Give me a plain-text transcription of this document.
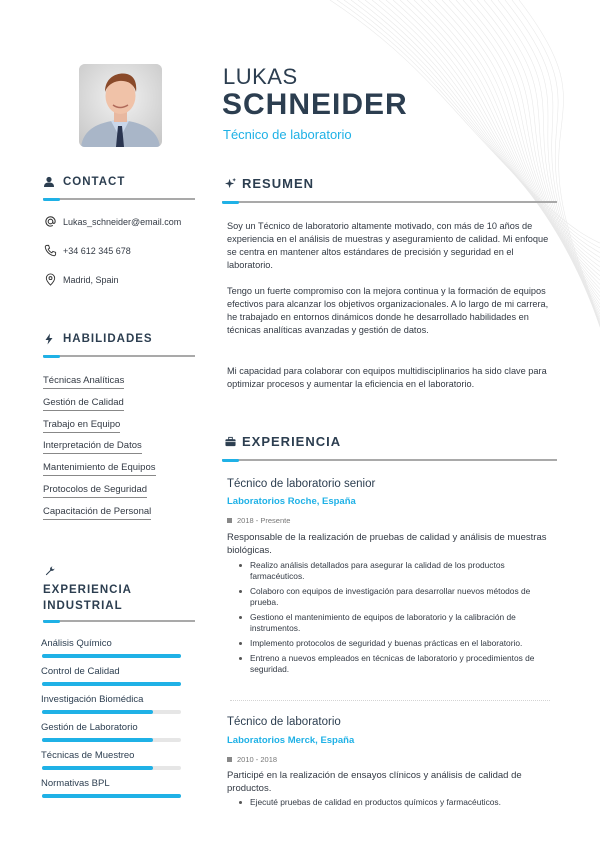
LUKAS
SCHNEIDER
Técnico de laboratorio
CONTACT
Lukas_schneider@email.com
+34 612 345 678
Madrid, Spain
HABILIDADES
Técnicas Analíticas
Gestión de Calidad
Trabajo en Equipo
Interpretación de Datos
Mantenimiento de Equipos
Protocolos de Seguridad
Capacitación de Personal
EXPERIENCIA
INDUSTRIAL
Análisis Químico
Control de Calidad
Investigación Biomédica
Gestión de Laboratorio
Técnicas de Muestreo
Normativas BPL
RESUMEN
Soy un Técnico de laboratorio altamente motivado, con más de 10 años de experiencia en el análisis de muestras y aseguramiento de calidad. Mi enfoque se centra en mantener altos estándares de precisión y seguridad en el laboratorio.
Tengo un fuerte compromiso con la mejora continua y la formación de equipos efectivos para alcanzar los objetivos organizacionales. A lo largo de mi carrera, he trabajado en entornos dinámicos donde he desarrollado habilidades en técnicas analíticas avanzadas y gestión de datos.
Mi capacidad para colaborar con equipos multidisciplinarios ha sido clave para optimizar procesos y aumentar la eficiencia en el laboratorio.
EXPERIENCIA
Técnico de laboratorio senior
Laboratorios Roche, España
2018 - Presente
Responsable de la realización de pruebas de calidad y análisis de muestras biológicas.
Realizo análisis detallados para asegurar la calidad de los productos farmacéuticos.
Colaboro con equipos de investigación para desarrollar nuevos métodos de prueba.
Gestiono el mantenimiento de equipos de laboratorio y la calibración de instrumentos.
Implemento protocolos de seguridad y buenas prácticas en el laboratorio.
Entreno a nuevos empleados en técnicas de laboratorio y procedimientos de seguridad.
Técnico de laboratorio
Laboratorios Merck, España
2010 - 2018
Participé en la realización de ensayos clínicos y análisis de calidad de productos.
Ejecuté pruebas de calidad en productos químicos y farmacéuticos.
